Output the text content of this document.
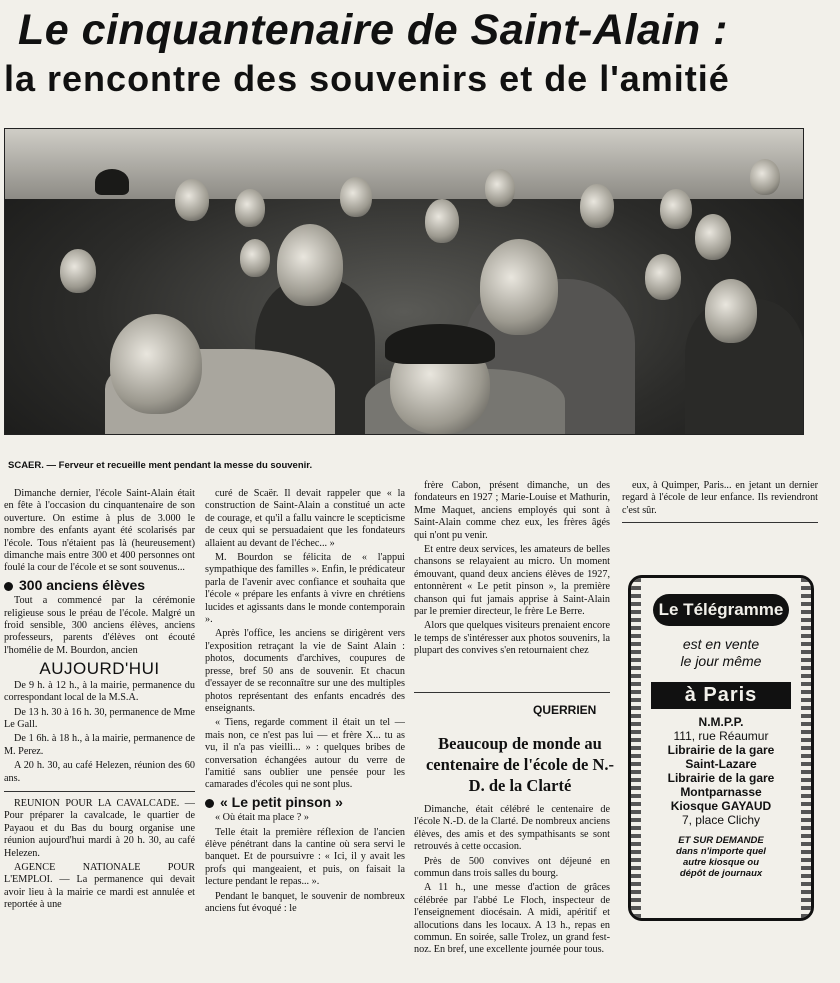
Le cinquantenaire de Saint-Alain :
la rencontre des souvenirs et de l'amitié
SCAER. — Ferveur et recueille ment pendant la messe du souvenir.

Dimanche dernier, l'école Saint-Alain était en fête à l'occasion du cinquantenaire de son ouverture. On estime à plus de 3.000 le nombre des enfants ayant été scolarisés par l'école. Tous n'étaient pas là (heureusement) dimanche mais entre 300 et 400 personnes ont foulé la cour de l'école et se sont souvenus...

300 anciens élèves

Tout a commencé par la cérémonie religieuse sous le préau de l'école. Malgré un froid sensible, 300 anciens élèves, anciens professeurs, parents d'élèves ont écouté l'homélie de M. Bourdon, ancien

AUJOURD'HUI

De 9 h. à 12 h., à la mairie, permanence du correspondant local de la M.S.A.

De 13 h. 30 à 16 h. 30, permanence de Mme Le Gall.

De 1 6h. à 18 h., à la mairie, permanence de M. Perez.

A 20 h. 30, au café Helezen, réunion des 60 ans.

REUNION POUR LA CAVALCADE. — Pour préparer la cavalcade, le quartier de Payaou et du Bas du bourg organise une réunion aujourd'hui mardi à 20 h. 30, au café Helezen.

AGENCE NATIONALE POUR L'EMPLOI. — La permanence qui devait avoir lieu à la mairie ce mardi est annulée et reportée à une

curé de Scaër. Il devait rappeler que « la construction de Saint-Alain a constitué un acte de courage, et qu'il a fallu vaincre le scepticisme de ceux qui se persuadaient que les fondateurs allaient au devant de l'échec... »

M. Bourdon se félicita de « l'appui sympathique des familles ». Enfin, le prédicateur parla de l'avenir avec confiance et souhaita que l'école « prépare les enfants à vivre en chrétiens lucides et agissants dans le monde contemporain ».

Après l'office, les anciens se dirigèrent vers l'exposition retraçant la vie de Saint Alain : photos, documents d'archives, coupures de presse, bref 50 ans de souvenir. Et chacun d'essayer de se reconnaître sur une des multiples photos représentant des enfants encadrés des enseignants.

« Tiens, regarde comment il était un tel — mais non, ce n'est pas lui — et frère X... tu as vu, il n'a pas vieilli... » : quelques bribes de conversation échangées autour du verre de l'amitié sans oublier une pensée pour les camarades d'écoles qui ne sont plus.

« Le petit pinson »

« Où était ma place ? »

Telle était la première réflexion de l'ancien élève pénétrant dans la cantine où sera servi le banquet. Et de poursuivre : « Ici, il y avait les profs qui mangeaient, et puis, on faisait la lecture pendant le repas... ».

Pendant le banquet, le souvenir de nombreux anciens fut évoqué : le

frère Cabon, présent dimanche, un des fondateurs en 1927 ; Marie-Louise et Mathurin, Mme Maquet, anciens employés qui sont à Saint-Alain comme chez eux, les frères âgés qui n'ont pu venir.

Et entre deux services, les amateurs de belles chansons se relayaient au micro. Un moment émouvant, quand deux anciens élèves de 1927, entonnèrent « Le petit pinson », la première chanson qui fut jamais apprise à Saint-Alain par le premier directeur, le frère Le Berre.

Alors que quelques visiteurs prenaient encore le temps de s'intéresser aux photos souvenirs, la plupart des convives s'en retournaient chez

QUERRIEN
Beaucoup de monde au centenaire de l'école de N.-D. de la Clarté

Dimanche, était célébré le centenaire de l'école N.-D. de la Clarté. De nombreux anciens élèves, des amis et des sympathisants se sont retrouvés à cette occasion.

Près de 500 convives ont déjeuné en commun dans trois salles du bourg.

A 11 h., une messe d'action de grâces célébrée par l'abbé Le Floch, inspecteur de l'enseignement diocésain. A midi, apéritif et allocutions dans les locaux. A 13 h., repas en commun. En soirée, salle Trolez, un grand fest-noz. En bref, une excellente journée pour tous.

eux, à Quimper, Paris... en jetant un dernier regard à l'école de leur enfance. Ils reviendront c'est sûr.

Le Télégramme
est en vente
le jour même
à Paris
N.M.P.P.
111, rue Réaumur
Librairie de la gare
Saint-Lazare
Librairie de la gare
Montparnasse
Kiosque GAYAUD
7, place Clichy
ET SUR DEMANDE
dans n'importe quel
autre kiosque ou
dépôt de journaux
